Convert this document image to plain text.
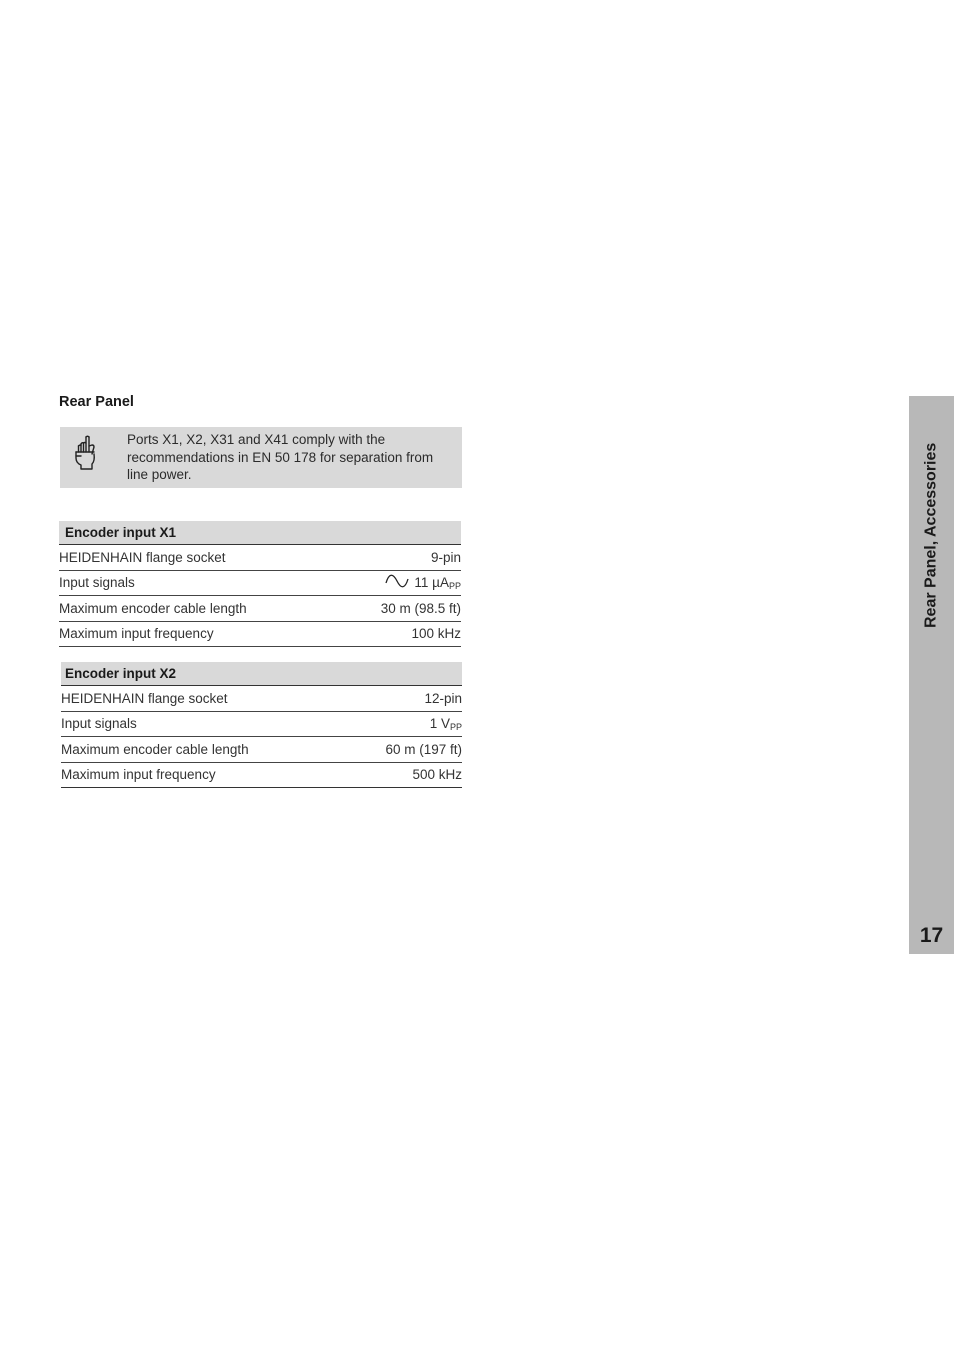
Rear Panel
Ports X1, X2, X31 and X41 comply with the recommendations in EN 50 178 for separation from line power.
Encoder input X1	
HEIDENHAIN flange socket	9-pin
Input signals	11 µA$_{PP}$
Maximum encoder cable length	30 m (98.5 ft)
Maximum input frequency	100 kHz
Encoder input X2	
HEIDENHAIN flange socket	12-pin
Input signals	1 $V_{PP}$
Maximum encoder cable length	60 m (197 ft)
Maximum input frequency	500 kHz
Rear Panel, Accessories
17
